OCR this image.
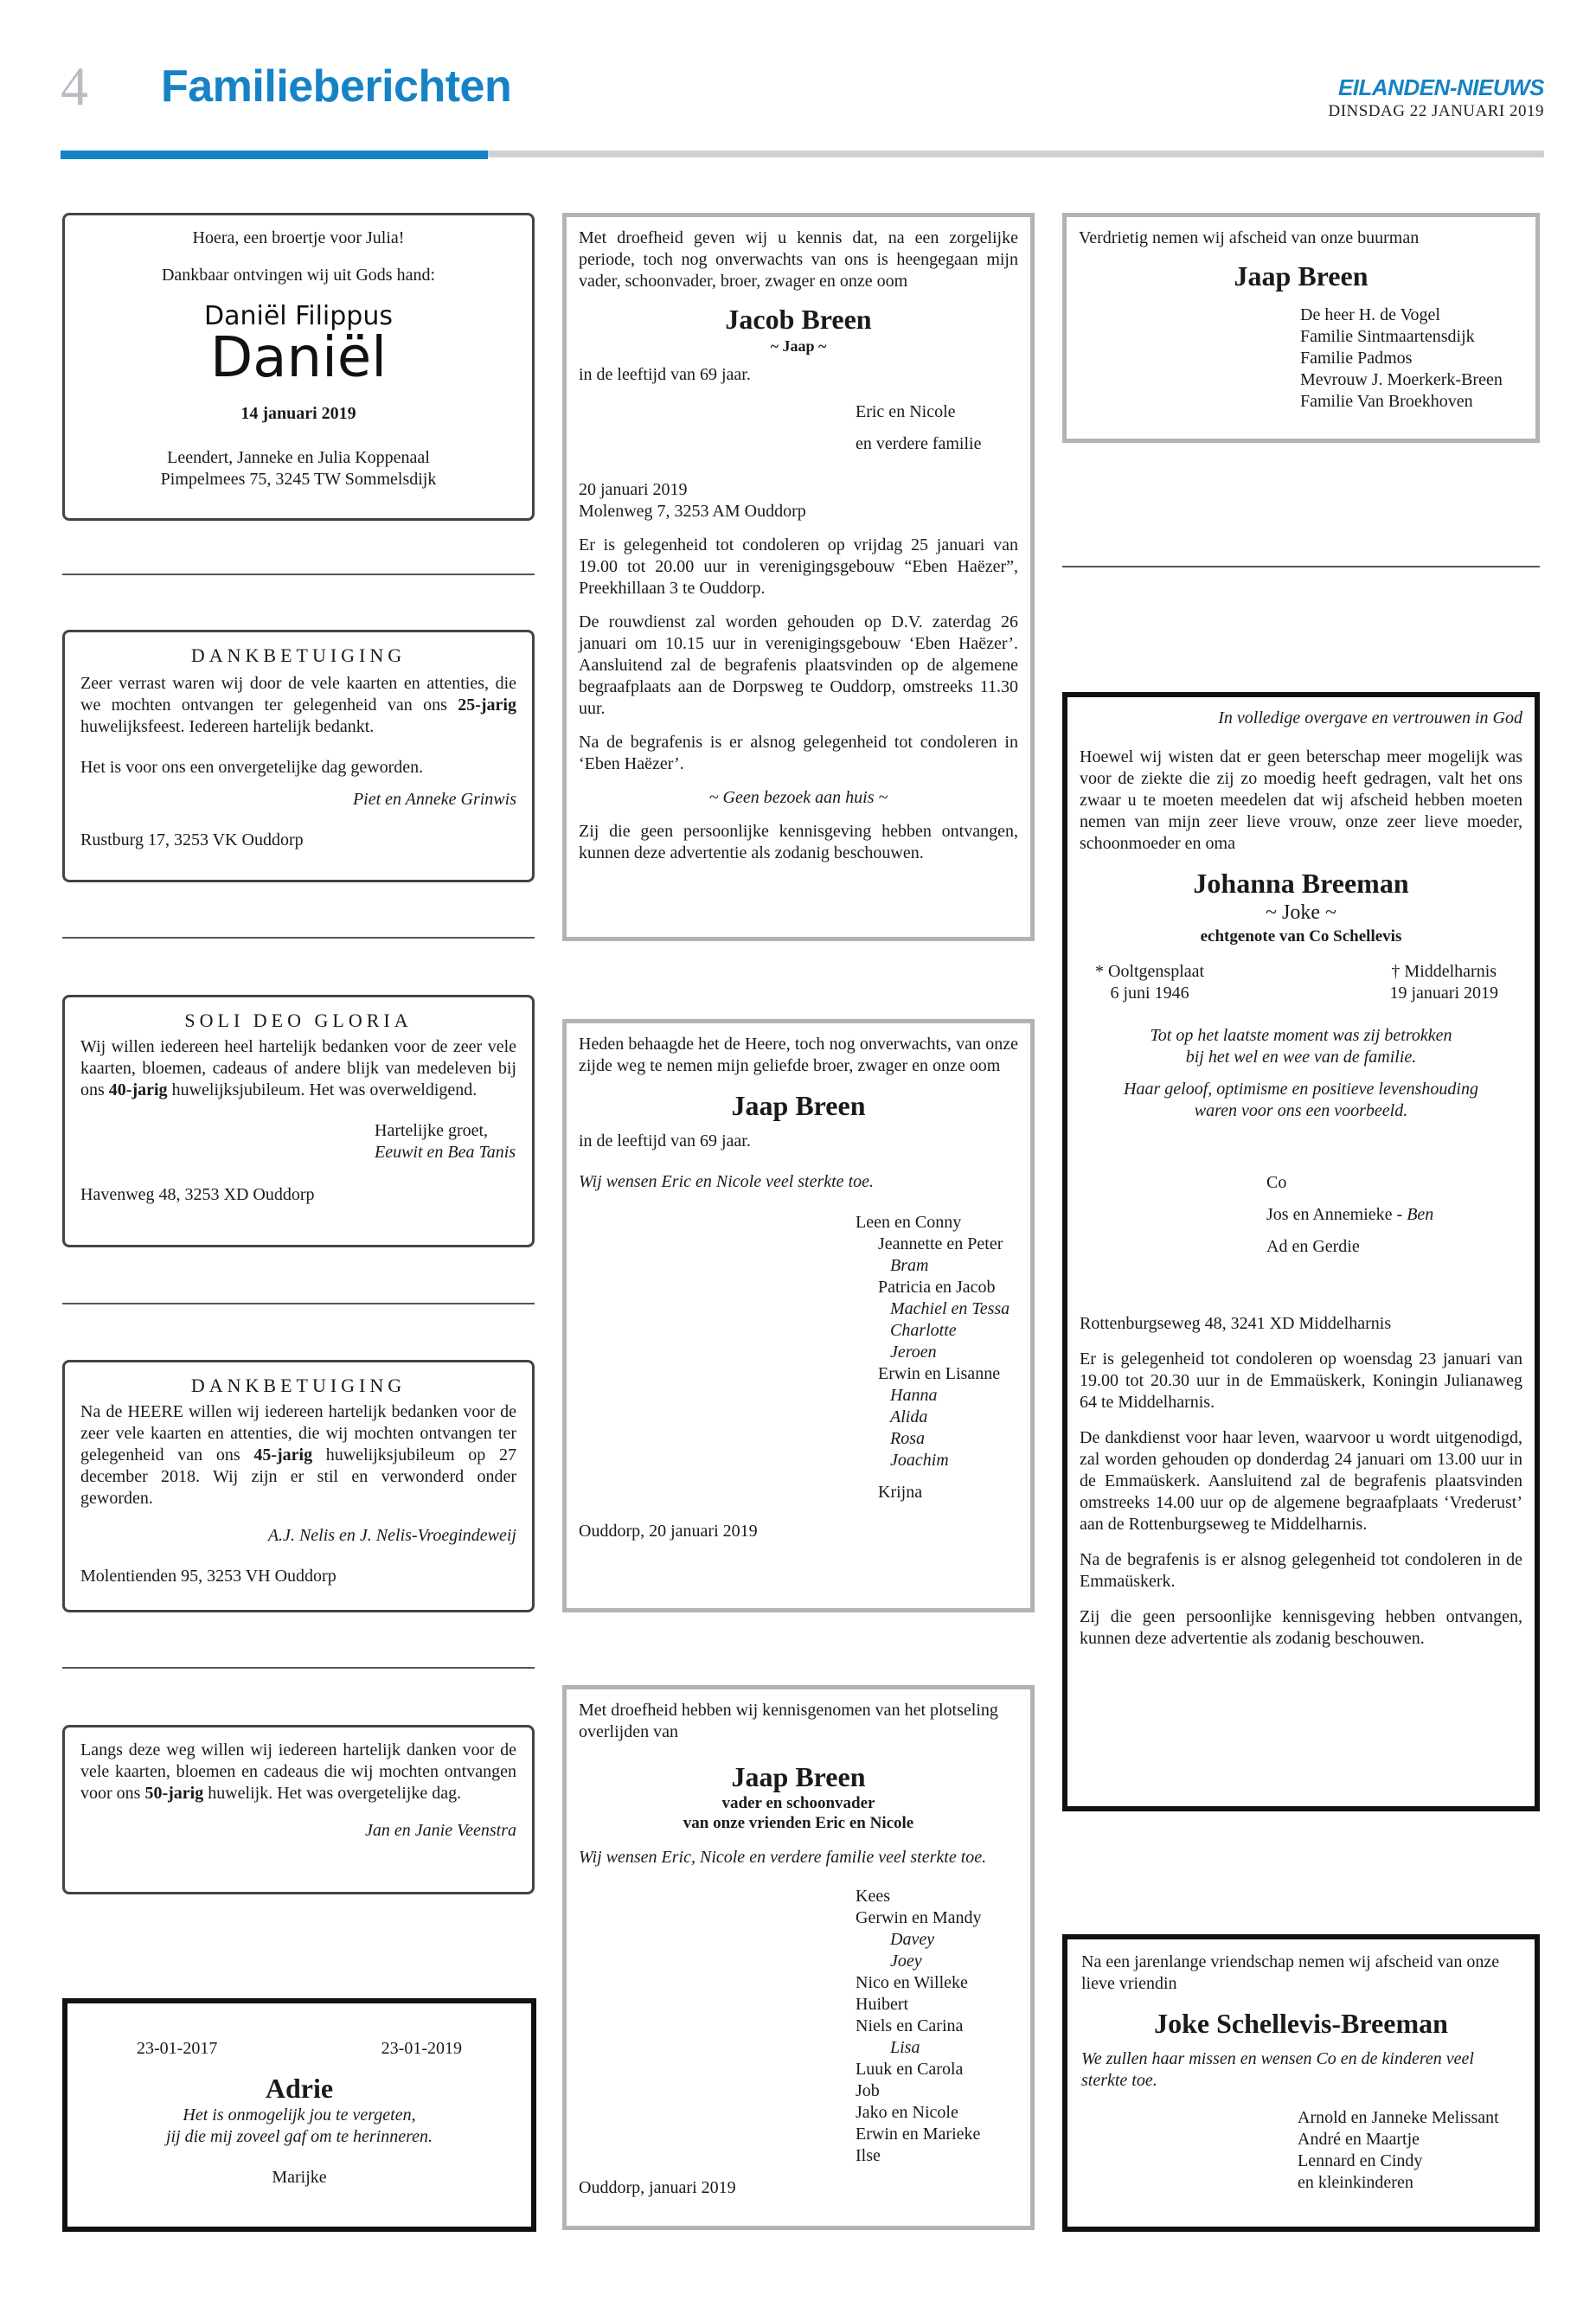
4 Familieberichten	EILANDEN-NIEUWS
DINSDAG 22 JANUARI 2019

Hoera, een broertje voor Julia!

Dankbaar ontvingen wij uit Gods hand:

Daniël Filippus

Daniël

14 januari 2019

Leendert, Janneke en Julia Koppenaal

Pimpelmees 75, 3245 TW Sommelsdijk

DANKBETUIGING

Zeer verrast waren wij door de vele kaarten en attenties, die we mochten ontvangen ter gelegenheid van ons 25-jarig huwelijksfeest. Iedereen hartelijk bedankt.

Het is voor ons een onvergetelijke dag geworden.

Piet en Anneke Grinwis

Rustburg 17, 3253 VK Ouddorp

SOLI DEO GLORIA

Wij willen iedereen heel hartelijk bedanken voor de zeer vele kaarten, bloemen, cadeaus of andere blijk van medeleven bij ons 40-jarig huwelijksjubileum. Het was overweldigend.

Hartelijke groet,

Eeuwit en Bea Tanis

Havenweg 48, 3253 XD Ouddorp

DANKBETUIGING

Na de HEERE willen wij iedereen hartelijk bedanken voor de zeer vele kaarten en attenties, die wij mochten ontvangen ter gelegenheid van ons 45-jarig huwelijksjubileum op 27 december 2018. Wij zijn er stil en verwonderd onder geworden.

A.J. Nelis en J. Nelis-Vroegindeweij

Molentienden 95, 3253 VH Ouddorp

Langs deze weg willen wij iedereen hartelijk danken voor de vele kaarten, bloemen en cadeaus die wij mochten ontvangen voor ons 50-jarig huwelijk. Het was overgetelijke dag.

Jan en Janie Veenstra

23-01-2017	23-01-2019

Adrie

Het is onmogelijk jou te vergeten,

jij die mij zoveel gaf om te herinneren.

Marijke

Met droefheid geven wij u kennis dat, na een zorgelijke periode, toch nog onverwachts van ons is heengegaan mijn vader, schoonvader, broer, zwager en onze oom

Jacob Breen

~ Jaap ~

in de leeftijd van 69 jaar.

Eric en Nicole

en verdere familie

20 januari 2019

Molenweg 7, 3253 AM Ouddorp

Er is gelegenheid tot condoleren op vrijdag 25 januari van 19.00 tot 20.00 uur in verenigingsgebouw “Eben Haëzer”, Preekhillaan 3 te Ouddorp.

De rouwdienst zal worden gehouden op D.V. zaterdag 26 januari om 10.15 uur in verenigingsgebouw ‘Eben Haëzer’. Aansluitend zal de begrafenis plaatsvinden op de algemene begraafplaats aan de Dorpsweg te Ouddorp, omstreeks 11.30 uur.

Na de begrafenis is er alsnog gelegenheid tot condoleren in ‘Eben Haëzer’.

~ Geen bezoek aan huis ~

Zij die geen persoonlijke kennisgeving hebben ontvangen, kunnen deze advertentie als zodanig beschouwen.

Heden behaagde het de Heere, toch nog onverwachts, van onze zijde weg te nemen mijn geliefde broer, zwager en onze oom

Jaap Breen

in de leeftijd van 69 jaar.

Wij wensen Eric en Nicole veel sterkte toe.

Leen en Conny

Jeannette en Peter

Bram

Patricia en Jacob

Machiel en Tessa

Charlotte

Jeroen

Erwin en Lisanne

Hanna

Alida

Rosa

Joachim

Krijna

Ouddorp, 20 januari 2019

Met droefheid hebben wij kennisgenomen van het plotseling overlijden van

Jaap Breen

vader en schoonvader

van onze vrienden Eric en Nicole

Wij wensen Eric, Nicole en verdere familie veel sterkte toe.

Kees

Gerwin en Mandy

Davey

Joey

Nico en Willeke

Huibert

Niels en Carina

Lisa

Luuk en Carola

Job

Jako en Nicole

Erwin en Marieke

Ilse

Ouddorp, januari 2019

Verdrietig nemen wij afscheid van onze buurman

Jaap Breen

De heer H. de Vogel

Familie Sintmaartensdijk

Familie Padmos

Mevrouw J. Moerkerk-Breen

Familie Van Broekhoven

In volledige overgave en vertrouwen in God

Hoewel wij wisten dat er geen beterschap meer mogelijk was voor de ziekte die zij zo moedig heeft gedragen, valt het ons zwaar u te moeten meedelen dat wij afscheid hebben moeten nemen van mijn zeer lieve vrouw, onze zeer lieve moeder, schoonmoeder en oma

Johanna Breeman

~ Joke ~

echtgenote van Co Schellevis

* Ooltgensplaat

6 juni 1946

† Middelharnis

19 januari 2019

Tot op het laatste moment was zij betrokken

bij het wel en wee van de familie.

Haar geloof, optimisme en positieve levenshouding

waren voor ons een voorbeeld.

Co

Jos en Annemieke - Ben

Ad en Gerdie

Rottenburgseweg 48, 3241 XD Middelharnis

Er is gelegenheid tot condoleren op woensdag 23 januari van 19.00 tot 20.30 uur in de Emmaüskerk, Koningin Julianaweg 64 te Middelharnis.

De dankdienst voor haar leven, waarvoor u wordt uitgenodigd, zal worden gehouden op donderdag 24 januari om 13.00 uur in de Emmaüskerk. Aansluitend zal de begrafenis plaatsvinden omstreeks 14.00 uur op de algemene begraafplaats ‘Vrederust’ aan de Rottenburgseweg te Middelharnis.

Na de begrafenis is er alsnog gelegenheid tot condoleren in de Emmaüskerk.

Zij die geen persoonlijke kennisgeving hebben ontvangen, kunnen deze advertentie als zodanig beschouwen.

Na een jarenlange vriendschap nemen wij afscheid van onze lieve vriendin

Joke Schellevis-Breeman

We zullen haar missen en wensen Co en de kinderen veel sterkte toe.

Arnold en Janneke Melissant

André en Maartje

Lennard en Cindy

en kleinkinderen
